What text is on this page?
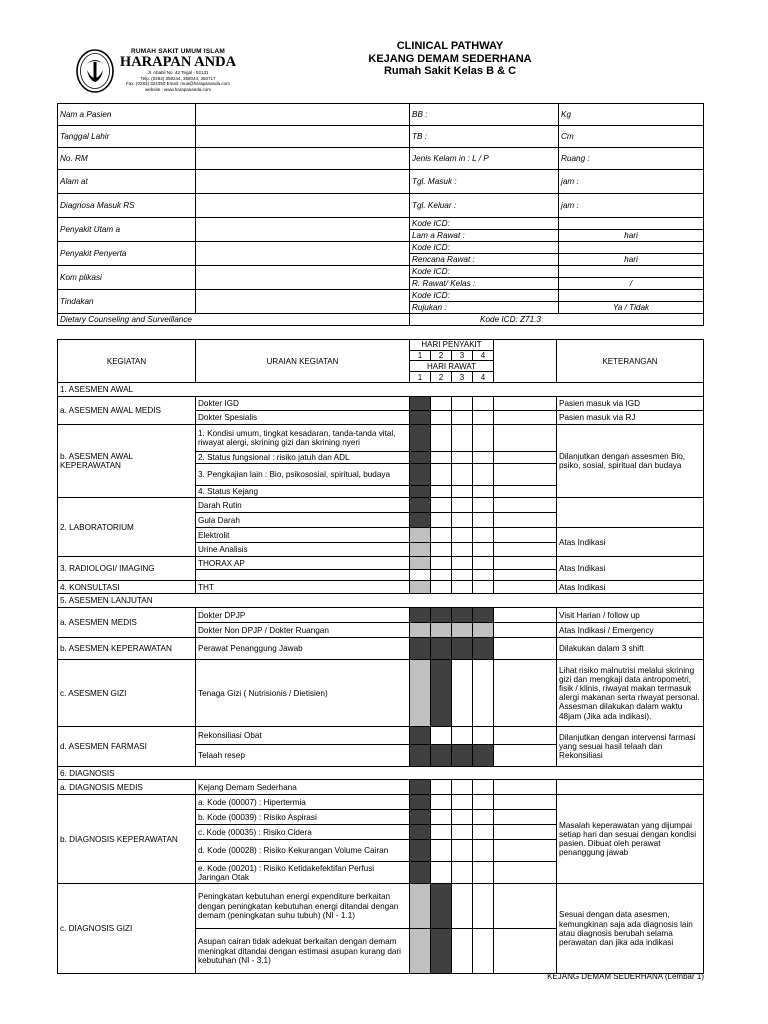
RUMAH SAKIT UMUM ISLAM
HARAPAN ANDA
Jl. Ababil No. 42 Tegal - 52131
Telp. (0283) 358244, 358044, 350717
Fax. (0283) 324350 Email: rsua@harapananda.com
website : www.harapananda.com
CLINICAL PATHWAY
KEJANG DEMAM SEDERHANA
Rumah Sakit Kelas B & C
Nam a Pasien		BB :	Kg
Tanggal Lahir		TB :	Cm
No. RM		Jenis Kelam in : L / P	Ruang :
Alam at		Tgl. Masuk :	jam :
Diagnosa Masuk RS		Tgl. Keluar :	jam :
Penyakit Utam a		Kode ICD:	
		Lam a Rawat :	hari
Penyakit Penyerta		Kode ICD:	
		Rencana Rawat :	hari
Kom plikasi		Kode ICD:	
		R. Rawat/ Kelas :	/
Tindakan		Kode ICD:	
		Rujukan :	Ya / Tidak
Dietary Counseling and Surveillance		Kode ICD: Z71.3	
KEGIATAN	URAIAN KEGIATAN	HARI PENYAKIT					KETERANGAN
		1	2	3	4		
		HARI RAWAT					
		1	2	3	4		
1. ASESMEN AWAL							
a. ASESMEN AWAL MEDIS	Dokter IGD						Pasien masuk via IGD
	Dokter Spesialis						Pasien masuk via RJ
b. ASESMEN AWAL KEPERAWATAN	1. Kondisi umum, tingkat kesadaran, tanda-tanda vital, riwayat alergi, skrining gizi dan skrining nyeri						Dilanjutkan dengan assesmen Bio, psiko, sosial, spiritual dan budaya
	2. Status fungsional : risiko jatuh dan ADL						
	3. Pengkajian lain : Bio, psikososial, spiritual, budaya						
	4. Status Kejang						
2. LABORATORIUM	Darah Rutin						
	Gula Darah						
	Elektrolit						Atas Indikasi
	Urine Analisis						
3. RADIOLOGI/ IMAGING	THORAX AP						Atas Indikasi

4. KONSULTASI	THT						Atas Indikasi
5. ASESMEN LANJUTAN							
a. ASESMEN MEDIS	Dokter DPJP						Visit Harian / follow up
	Dokter Non DPJP / Dokter Ruangan						Atas Indikasi / Emergency
b. ASESMEN KEPERAWATAN	Perawat Penanggung Jawab						Dilakukan dalam 3 shift
c. ASESMEN GIZI	Tenaga Gizi ( Nutrisionis / Dietisien)						Lihat risiko malnutrisi melalui skrining gizi dan mengkaji data antropometri, fisik / klinis, riwayat makan termasuk alergi makanan serta riwayat personal. Assesman dilakukan dalam waktu 48jam (Jika ada indikasi).
d. ASESMEN FARMASI	Rekonsiliasi Obat						Dilanjutkan dengan intervensi farmasi yang sesuai hasil telaah dan Rekonsiliasi
	Telaah resep						
6. DIAGNOSIS							
a. DIAGNOSIS MEDIS	Kejang Demam Sederhana						
b. DIAGNOSIS KEPERAWATAN	a. Kode (00007) : Hipertermia						Masalah keperawatan yang dijumpai setiap hari dan sesuai dengan kondisi pasien. Dibuat oleh perawat penanggung jawab
	b. Kode (00039) : Risiko Aspirasi						
	c. Kode (00035) : Risiko Cidera						
	d. Kode (00028) : Risiko Kekurangan Volume Cairan						
	e. Kode (00201) : Risiko Ketidakefektifan Perfusi Jaringan Otak						
c. DIAGNOSIS GIZI	Peningkatan kebutuhan energi expenditure berkaitan dengan peningkatan kebutuhan energi ditandai dengan demam (peningkatan suhu tubuh) (NI - 1.1)						Sesuai dengan data asesmen, kemungkinan saja ada diagnosis lain atau diagnosis berubah selama perawatan dan jika ada indikasi
	Asupan cairan tidak adekuat berkaitan dengan demam meningkat ditandai dengan estimasi asupan kurang dari kebutuhan (NI - 3.1)						
KEJANG DEMAM SEDERHANA (Lembar 1)
